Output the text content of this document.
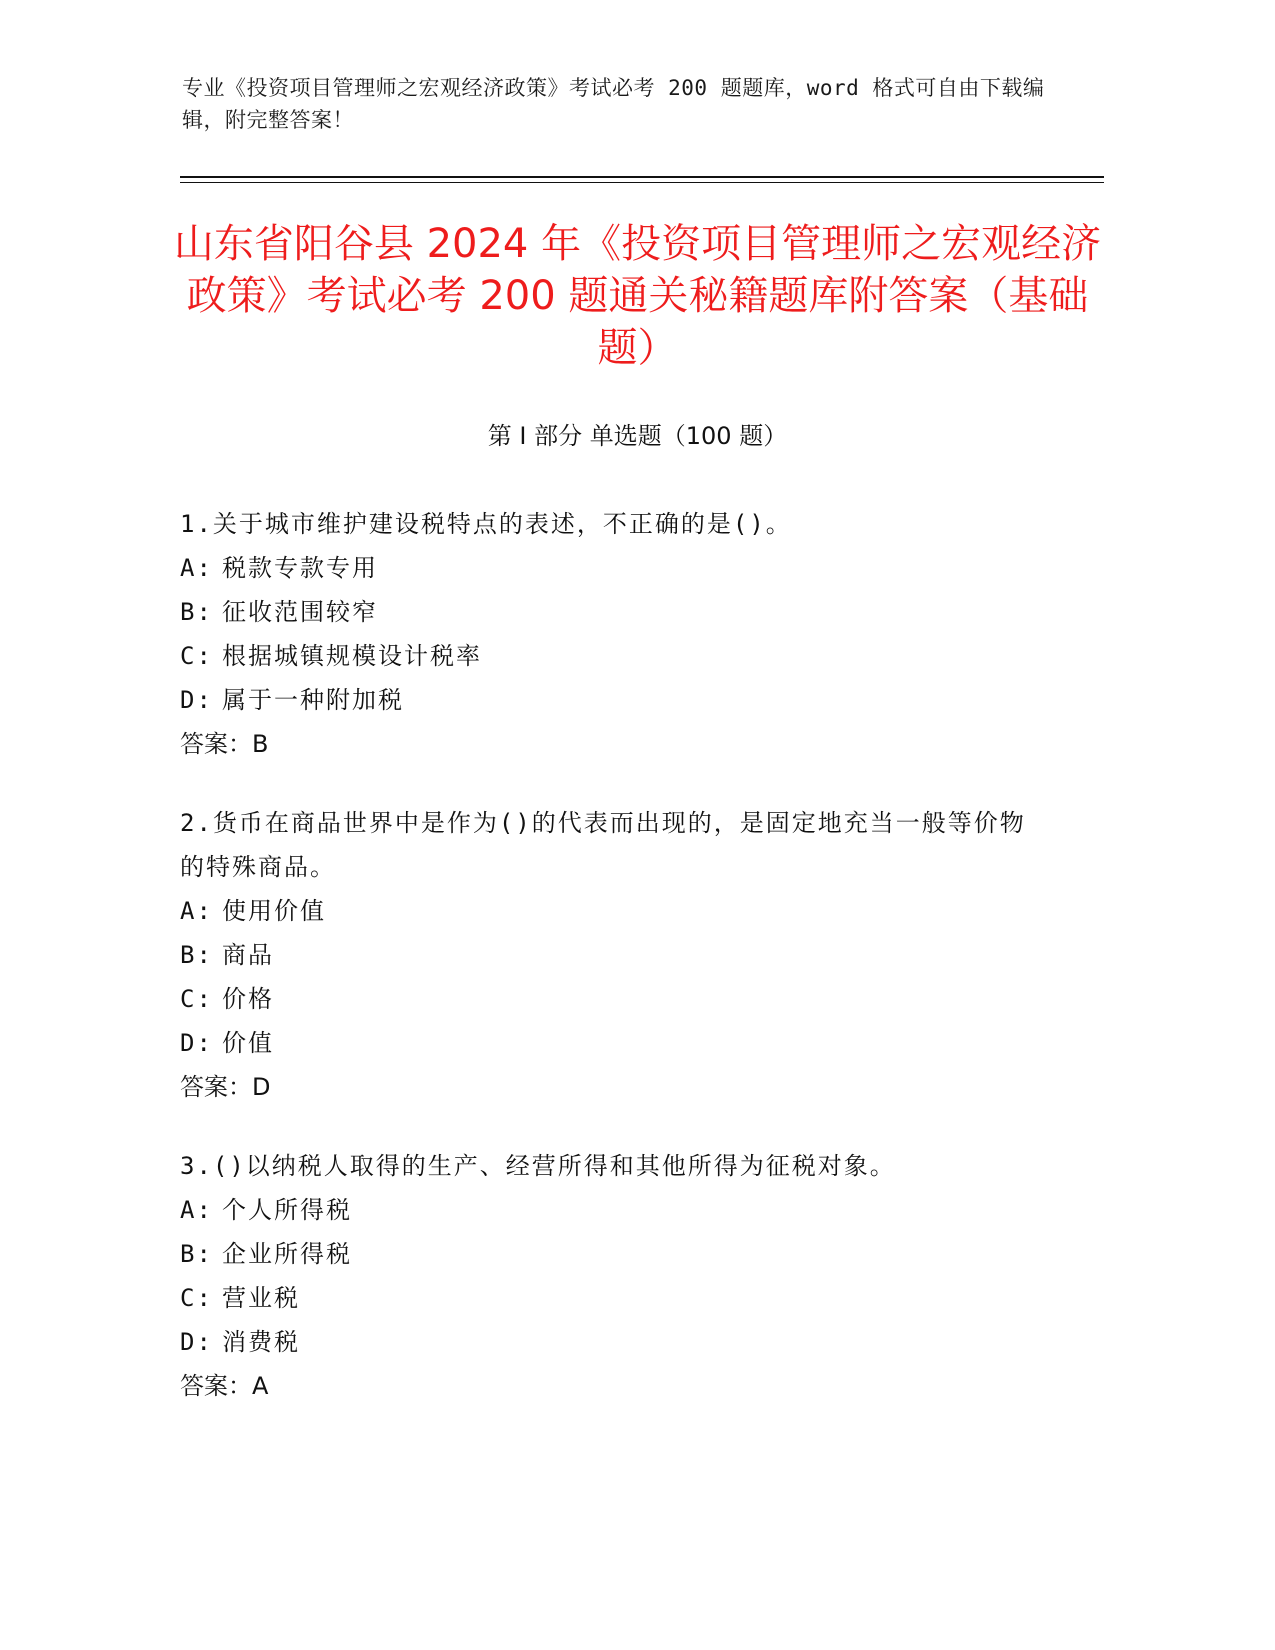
专业《投资项目管理师之宏观经济政策》考试必考 200 题题库，word 格式可自由下载编辑，附完整答案！
山东省阳谷县 2024 年《投资项目管理师之宏观经济政策》考试必考 200 题通关秘籍题库附答案（基础题）
第 I 部分 单选题（100 题）
1.关于城市维护建设税特点的表述，不正确的是()。
A: 税款专款专用
B: 征收范围较窄
C: 根据城镇规模设计税率
D: 属于一种附加税
答案：B
2.货币在商品世界中是作为()的代表而出现的，是固定地充当一般等价物的特殊商品。
A: 使用价值
B: 商品
C: 价格
D: 价值
答案：D
3.()以纳税人取得的生产、经营所得和其他所得为征税对象。
A: 个人所得税
B: 企业所得税
C: 营业税
D: 消费税
答案：A
